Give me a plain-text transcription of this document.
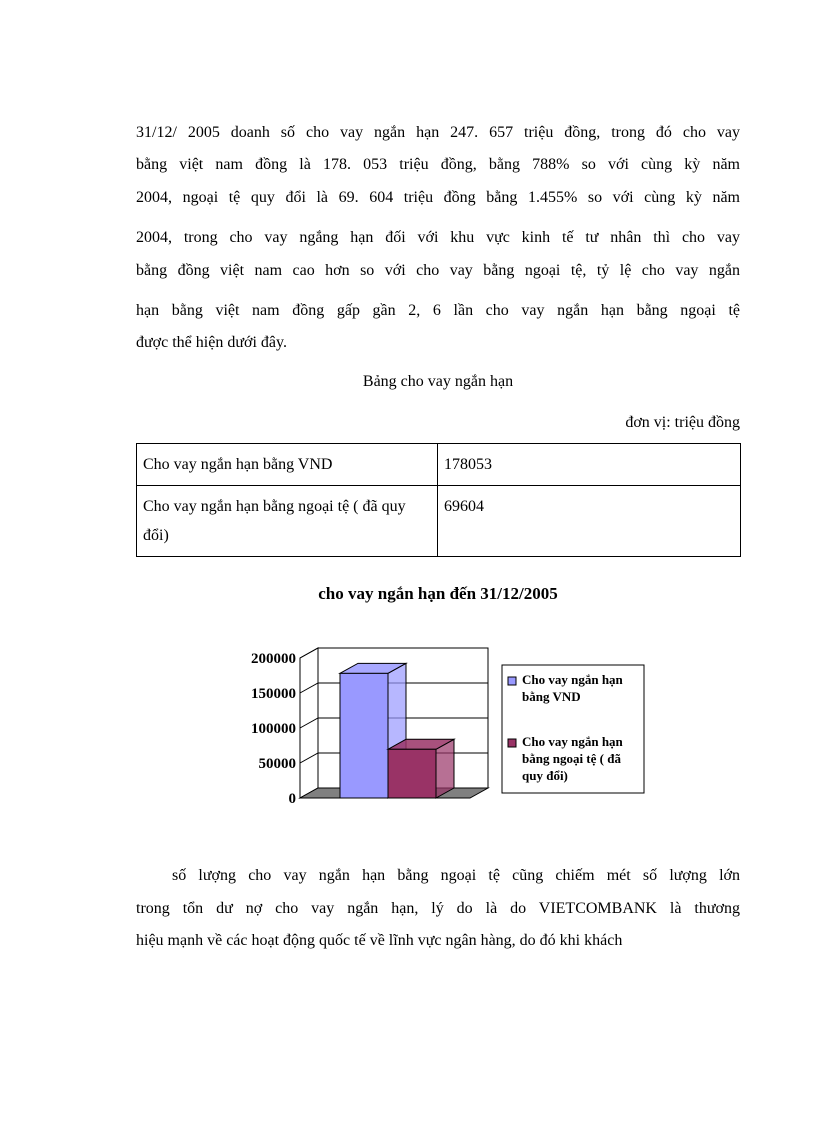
31/12/ 2005 doanh số cho vay ngắn hạn 247. 657 triệu đồng, trong đó cho vay
bằng việt nam đồng là 178. 053 triệu đồng, bằng 788% so với cùng kỳ năm
2004, ngoại tệ quy đổi là 69. 604 triệu đồng bằng 1.455% so với cùng kỳ năm
2004, trong cho vay ngắng hạn đối với khu vực kinh tế tư nhân thì cho vay
bằng đồng việt nam cao hơn so với cho vay bằng ngoại tệ, tỷ lệ cho vay ngắn
hạn bằng việt nam đồng gấp gần 2, 6 lần cho vay ngắn hạn bằng ngoại tệ
được thể hiện dưới đây.
Bảng cho vay ngắn hạn
đơn vị: triệu đồng
Cho vay ngắn hạn bằng VND	178053
Cho vay ngắn hạn bằng ngoại tệ ( đã quy đổi)	69604
cho vay ngắn hạn đến 31/12/2005
200000
150000
100000
50000
0
Cho vay ngắn hạn bằng VND
Cho vay ngắn hạn bằng ngoại tệ ( đã quy đổi)
số lượng cho vay ngắn hạn bằng ngoại tệ cũng chiếm mét số lượng lớn
trong tổn dư nợ cho vay ngắn hạn, lý do là do VIETCOMBANK là thương
hiệu mạnh về các hoạt động quốc tế về lĩnh vực ngân hàng, do đó khi khách
